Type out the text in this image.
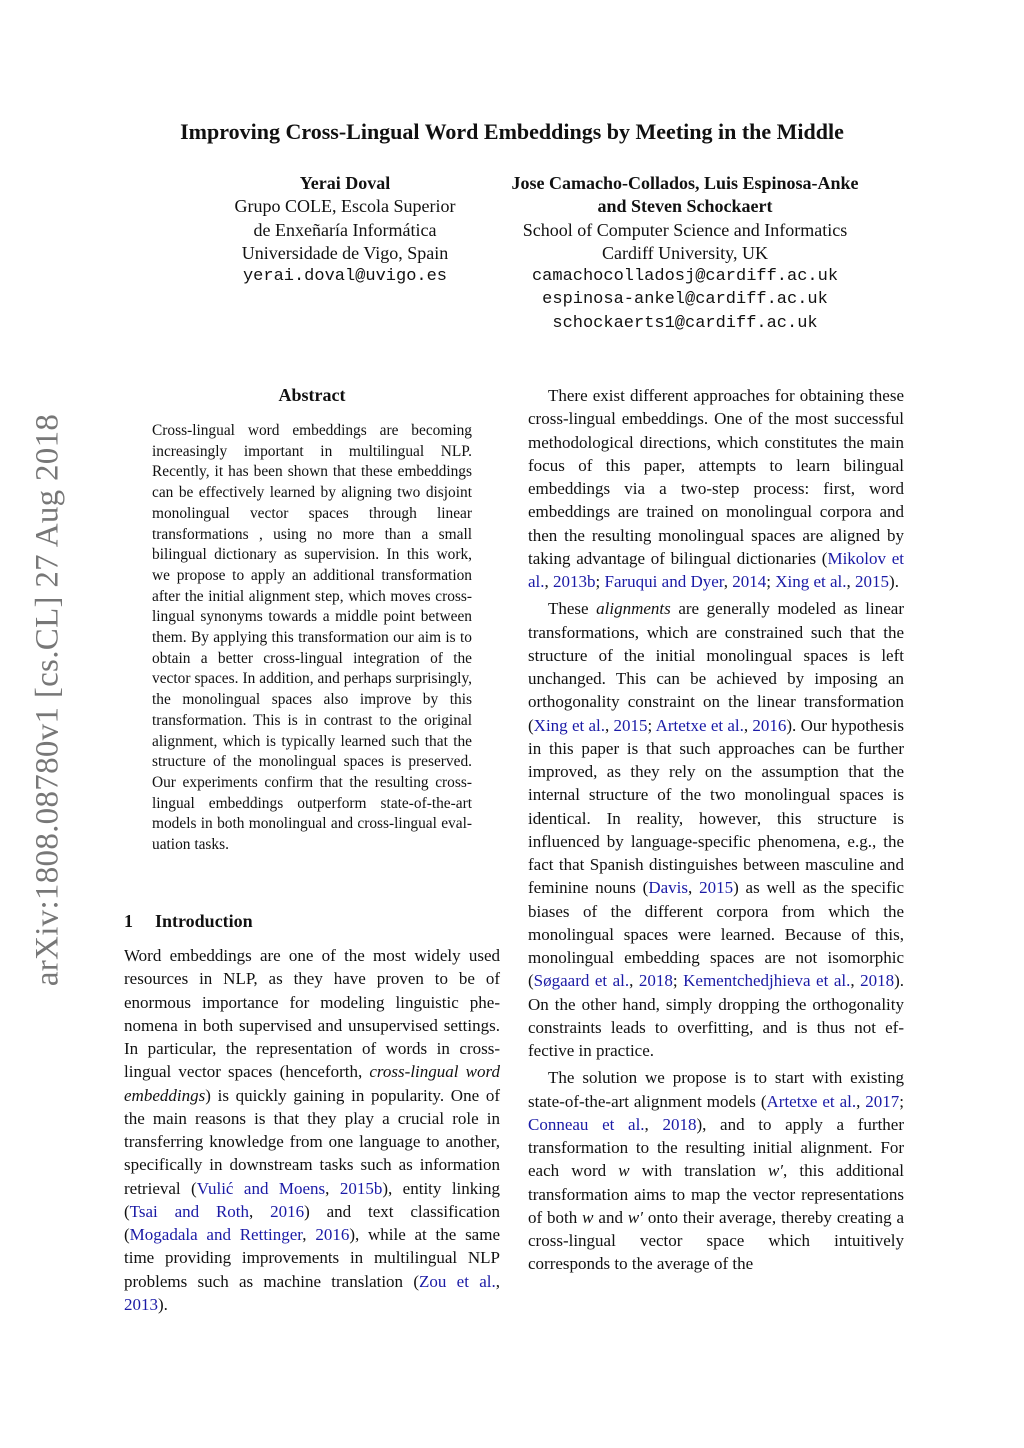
arXiv:1808.08780v1 [cs.CL] 27 Aug 2018
Improving Cross-Lingual Word Embeddings by Meeting in the Middle
Yerai Doval
Grupo COLE, Escola Superior
de Enxeñaría Informática
Universidade de Vigo, Spain
yerai.doval@uvigo.es
Jose Camacho-Collados, Luis Espinosa-Anke
and Steven Schockaert
School of Computer Science and Informatics
Cardiff University, UK
camachocolladosj@cardiff.ac.uk
espinosa-ankel@cardiff.ac.uk
schockaerts1@cardiff.ac.uk
Abstract
Cross-lingual word embeddings are becoming increasingly important in multilingual NLP. Recently, it has been shown that these embeddings can be effectively learned by aligning two disjoint monolingual vector spaces through linear transformations , using no more than a small bilingual dictionary as supervision. In this work, we propose to apply an additional transformation after the initial alignment step, which moves cross-lingual synonyms towards a middle point between them. By applying this transformation our aim is to obtain a better cross-lingual integration of the vector spaces. In addition, and perhaps surprisingly, the monolingual spaces also improve by this transformation. This is in contrast to the original alignment, which is typically learned such that the structure of the monolingual spaces is preserved. Our experiments confirm that the resulting cross-lingual embeddings outperform state-of-the-art models in both monolingual and cross-lingual evaluation tasks.
1 Introduction

Word embeddings are one of the most widely used resources in NLP, as they have proven to be of enormous importance for modeling linguistic phenomena in both supervised and unsupervised settings. In particular, the representation of words in cross-lingual vector spaces (henceforth, cross-lingual word embeddings) is quickly gaining in popularity. One of the main reasons is that they play a crucial role in transferring knowledge from one language to another, specifically in downstream tasks such as information retrieval (Vulić and Moens, 2015b), entity linking (Tsai and Roth, 2016) and text classification (Mogadala and Rettinger, 2016), while at the same time providing improvements in multilingual NLP problems such as machine translation (Zou et al., 2013).

There exist different approaches for obtaining these cross-lingual embeddings. One of the most successful methodological directions, which constitutes the main focus of this paper, attempts to learn bilingual embeddings via a two-step process: first, word embeddings are trained on monolingual corpora and then the resulting monolingual spaces are aligned by taking advantage of bilingual dictionaries (Mikolov et al., 2013b; Faruqui and Dyer, 2014; Xing et al., 2015).

These alignments are generally modeled as linear transformations, which are constrained such that the structure of the initial monolingual spaces is left unchanged. This can be achieved by imposing an orthogonality constraint on the linear transformation (Xing et al., 2015; Artetxe et al., 2016). Our hypothesis in this paper is that such approaches can be further improved, as they rely on the assumption that the internal structure of the two monolingual spaces is identical. In reality, however, this structure is influenced by language-specific phenomena, e.g., the fact that Spanish distinguishes between masculine and feminine nouns (Davis, 2015) as well as the specific biases of the different corpora from which the monolingual spaces were learned. Because of this, monolingual embedding spaces are not isomorphic (Søgaard et al., 2018; Kementchedjhieva et al., 2018). On the other hand, simply dropping the orthogonality constraints leads to overfitting, and is thus not effective in practice.

The solution we propose is to start with existing state-of-the-art alignment models (Artetxe et al., 2017; Conneau et al., 2018), and to apply a further transformation to the resulting initial alignment. For each word w with translation w′, this additional transformation aims to map the vector representations of both w and w′ onto their average, thereby creating a cross-lingual vector space which intuitively corresponds to the average of the
